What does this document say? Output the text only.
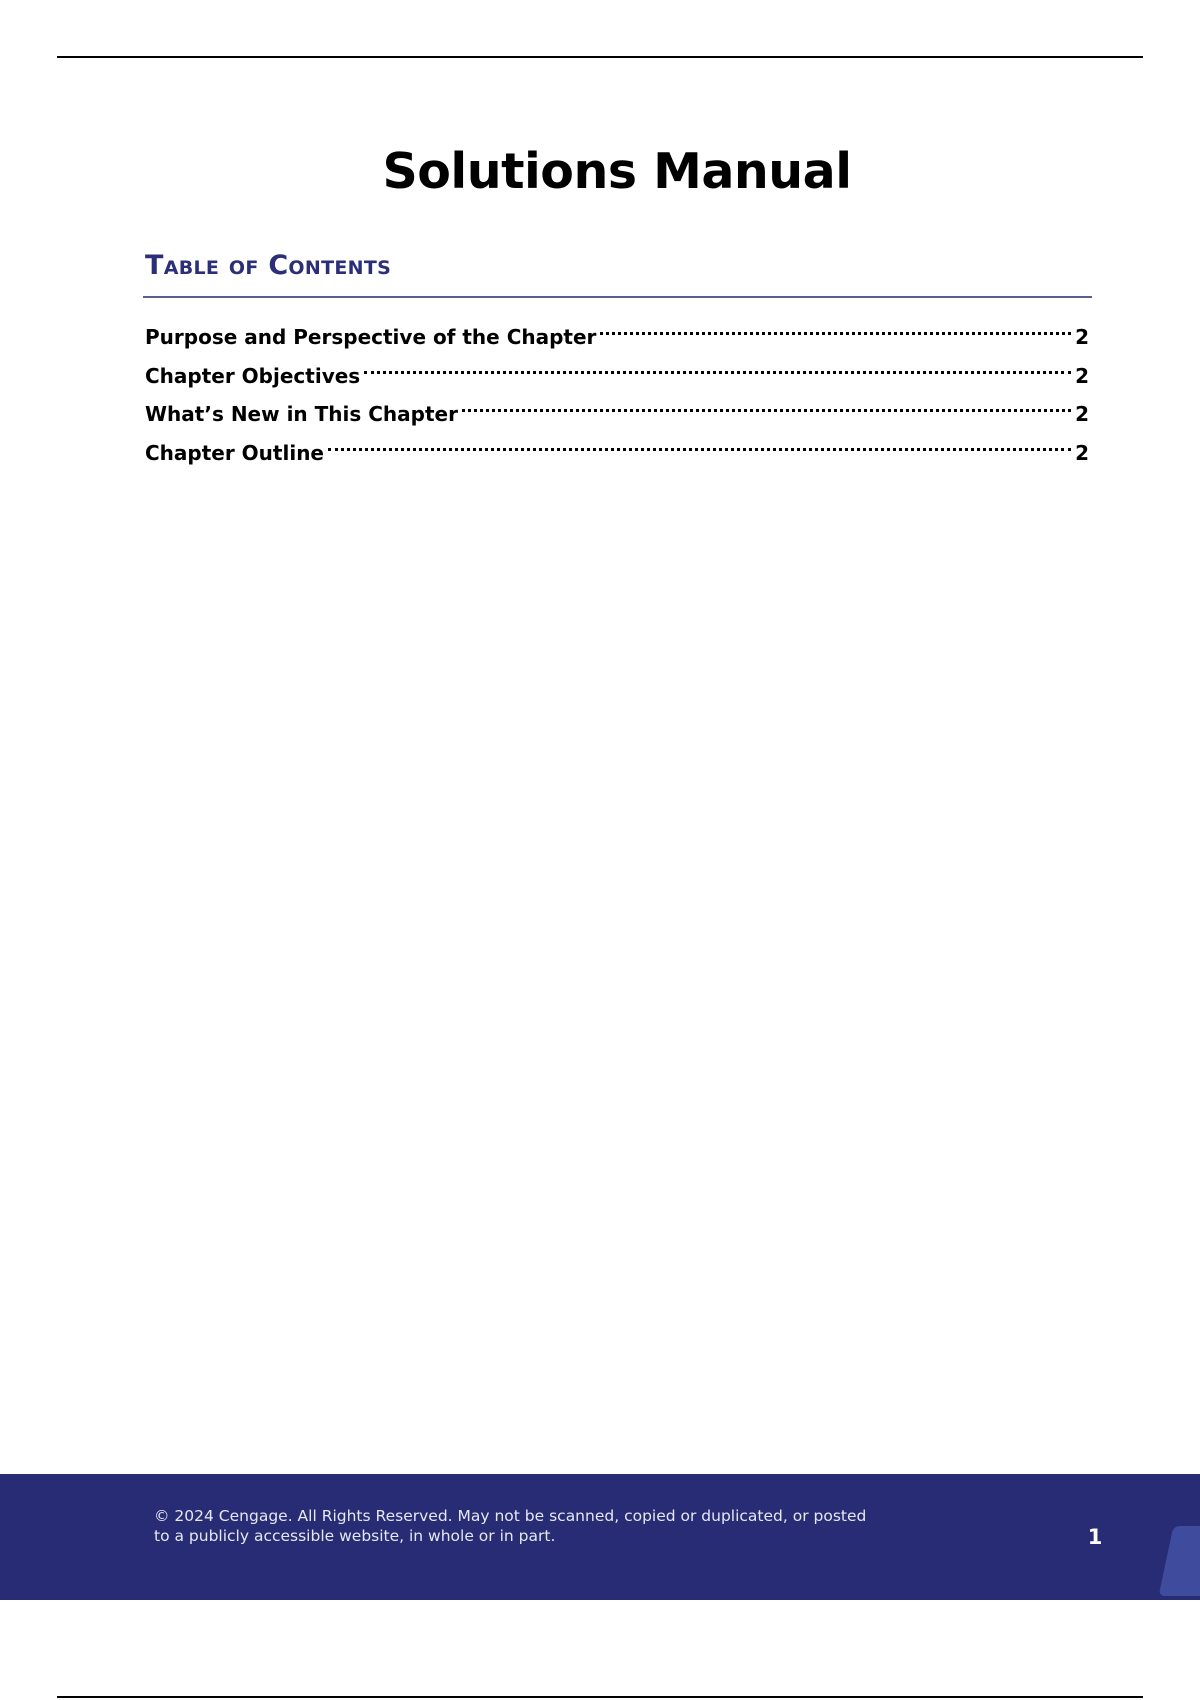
Solutions Manual
Table of Contents
Purpose and Perspective of the Chapter	2
Chapter Objectives	2
What’s New in This Chapter	2
Chapter Outline	2

© 2024 Cengage. All Rights Reserved. May not be scanned, copied or duplicated, or posted
to a publicly accessible website, in whole or in part.	1
